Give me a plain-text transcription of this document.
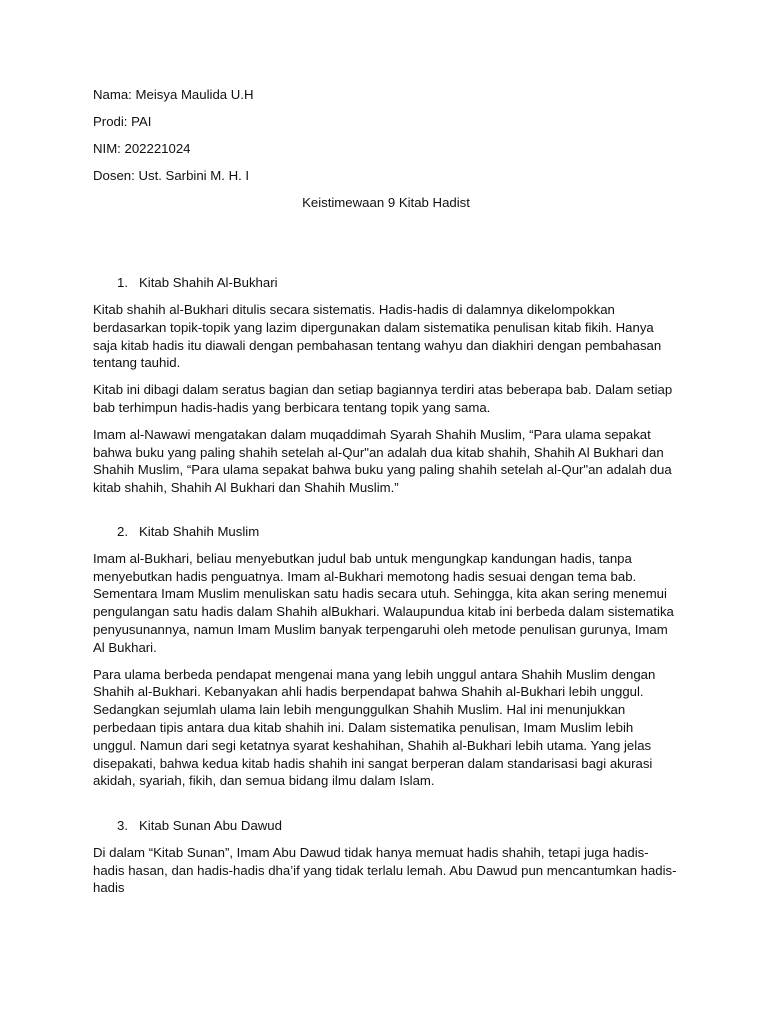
Nama: Meisya Maulida U.H

Prodi: PAI

NIM: 202221024

Dosen: Ust. Sarbini M. H. I

Keistimewaan 9 Kitab Hadist

1. Kitab Shahih Al-Bukhari

Kitab shahih al-Bukhari ditulis secara sistematis. Hadis-hadis di dalamnya dikelompokkan berdasarkan topik-topik yang lazim dipergunakan dalam sistematika penulisan kitab fikih. Hanya saja kitab hadis itu diawali dengan pembahasan tentang wahyu dan diakhiri dengan pembahasan tentang tauhid.

Kitab ini dibagi dalam seratus bagian dan setiap bagiannya terdiri atas beberapa bab. Dalam setiap bab terhimpun hadis-hadis yang berbicara tentang topik yang sama.

Imam al-Nawawi mengatakan dalam muqaddimah Syarah Shahih Muslim, “Para ulama sepakat bahwa buku yang paling shahih setelah al-Qur"an adalah dua kitab shahih, Shahih Al Bukhari dan Shahih Muslim, “Para ulama sepakat bahwa buku yang paling shahih setelah al-Qur"an adalah dua kitab shahih, Shahih Al Bukhari dan Shahih Muslim.”

2. Kitab Shahih Muslim

Imam al-Bukhari, beliau menyebutkan judul bab untuk mengungkap kandungan hadis, tanpa menyebutkan hadis penguatnya. Imam al-Bukhari memotong hadis sesuai dengan tema bab. Sementara Imam Muslim menuliskan satu hadis secara utuh. Sehingga, kita akan sering menemui pengulangan satu hadis dalam Shahih alBukhari. Walaupundua kitab ini berbeda dalam sistematika penyusunannya, namun Imam Muslim banyak terpengaruhi oleh metode penulisan gurunya, Imam Al Bukhari.

Para ulama berbeda pendapat mengenai mana yang lebih unggul antara Shahih Muslim dengan Shahih al-Bukhari. Kebanyakan ahli hadis berpendapat bahwa Shahih al-Bukhari lebih unggul. Sedangkan sejumlah ulama lain lebih mengunggulkan Shahih Muslim. Hal ini menunjukkan perbedaan tipis antara dua kitab shahih ini. Dalam sistematika penulisan, Imam Muslim lebih unggul. Namun dari segi ketatnya syarat keshahihan, Shahih al-Bukhari lebih utama. Yang jelas disepakati, bahwa kedua kitab hadis shahih ini sangat berperan dalam standarisasi bagi akurasi akidah, syariah, fikih, dan semua bidang ilmu dalam Islam.

3. Kitab Sunan Abu Dawud

Di dalam “Kitab Sunan”, Imam Abu Dawud tidak hanya memuat hadis shahih, tetapi juga hadis-hadis hasan, dan hadis-hadis dha’if yang tidak terlalu lemah. Abu Dawud pun mencantumkan hadis-hadis
